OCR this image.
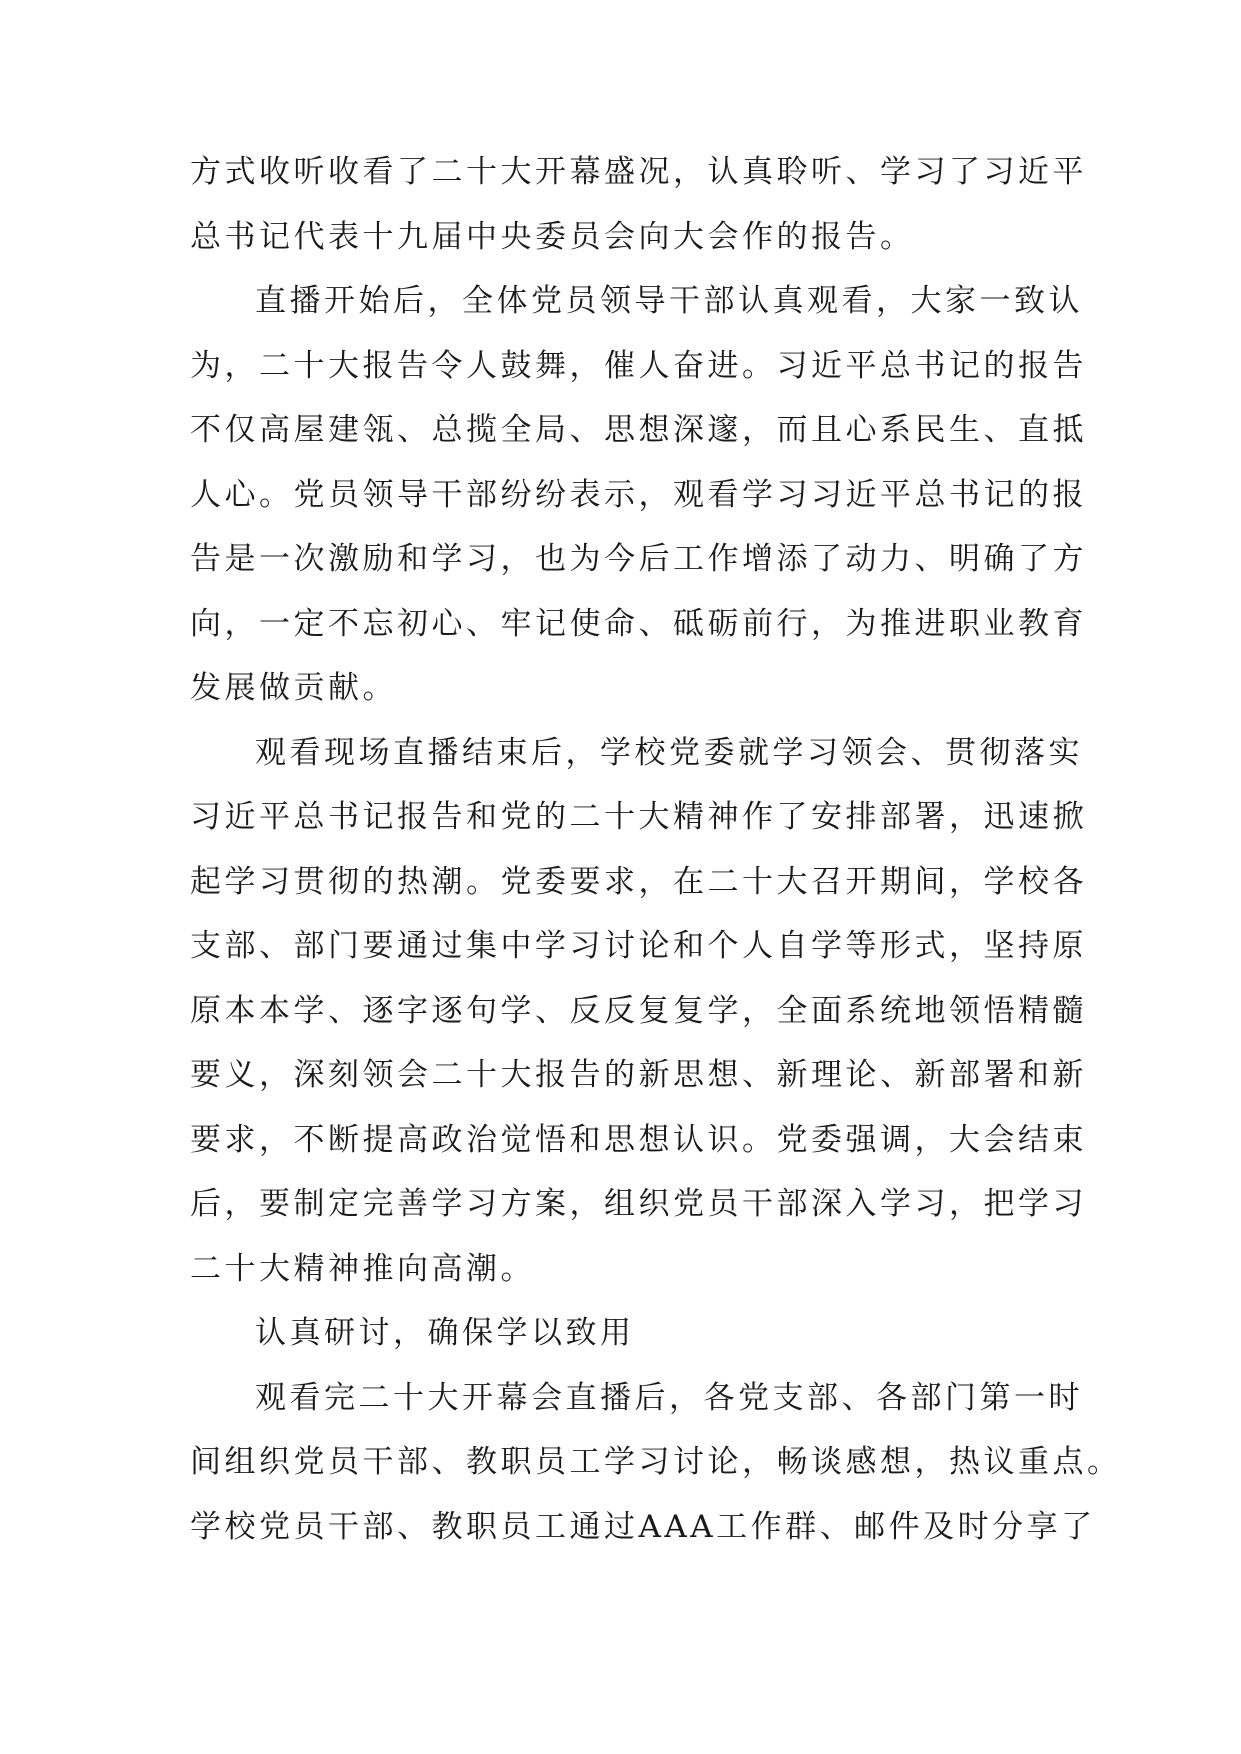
方式收听收看了二十大开幕盛况，认真聆听、学习了习近平
总书记代表十九届中央委员会向大会作的报告。

直播开始后，全体党员领导干部认真观看，大家一致认
为，二十大报告令人鼓舞，催人奋进。习近平总书记的报告
不仅高屋建瓴、总揽全局、思想深邃，而且心系民生、直抵
人心。党员领导干部纷纷表示，观看学习习近平总书记的报
告是一次激励和学习，也为今后工作增添了动力、明确了方
向，一定不忘初心、牢记使命、砥砺前行，为推进职业教育
发展做贡献。

观看现场直播结束后，学校党委就学习领会、贯彻落实
习近平总书记报告和党的二十大精神作了安排部署，迅速掀
起学习贯彻的热潮。党委要求，在二十大召开期间，学校各
支部、部门要通过集中学习讨论和个人自学等形式，坚持原
原本本学、逐字逐句学、反反复复学，全面系统地领悟精髓
要义，深刻领会二十大报告的新思想、新理论、新部署和新
要求，不断提高政治觉悟和思想认识。党委强调，大会结束
后，要制定完善学习方案，组织党员干部深入学习，把学习
二十大精神推向高潮。

认真研讨，确保学以致用

观看完二十大开幕会直播后，各党支部、各部门第一时
间组织党员干部、教职员工学习讨论，畅谈感想，热议重点。
学校党员干部、教职员工通过AAA工作群、邮件及时分享了
